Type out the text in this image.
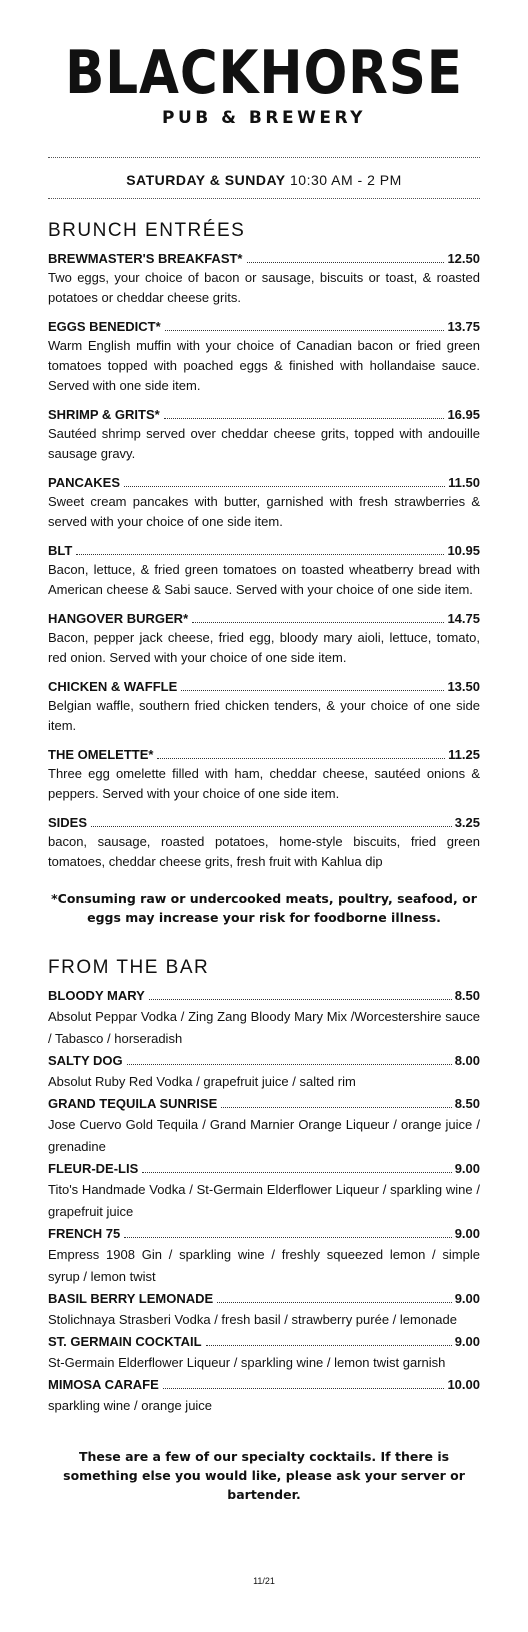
BLACKHORSE
PUB & BREWERY
SATURDAY & SUNDAY 10:30 AM - 2 PM
BRUNCH ENTRÉES
BREWMASTER'S BREAKFAST*	12.50
Two eggs, your choice of bacon or sausage, biscuits or toast, & roasted potatoes or cheddar cheese grits.
EGGS BENEDICT*	13.75
Warm English muffin with your choice of Canadian bacon or fried green tomatoes topped with poached eggs & finished with hollandaise sauce. Served with one side item.
SHRIMP & GRITS*	16.95
Sautéed shrimp served over cheddar cheese grits, topped with andouille sausage gravy.
PANCAKES	11.50
Sweet cream pancakes with butter, garnished with fresh strawberries & served with your choice of one side item.
BLT	10.95
Bacon, lettuce, & fried green tomatoes on toasted wheatberry bread with American cheese & Sabi sauce. Served with your choice of one side item.
HANGOVER BURGER*	14.75
Bacon, pepper jack cheese, fried egg, bloody mary aioli, lettuce, tomato, red onion. Served with your choice of one side item.
CHICKEN & WAFFLE	13.50
Belgian waffle, southern fried chicken tenders, & your choice of one side item.
THE OMELETTE*	11.25
Three egg omelette filled with ham, cheddar cheese, sautéed onions & peppers. Served with your choice of one side item.
SIDES	3.25
bacon, sausage, roasted potatoes, home-style biscuits, fried green tomatoes, cheddar cheese grits, fresh fruit with Kahlua dip
*Consuming raw or undercooked meats, poultry, seafood, or eggs may increase your risk for foodborne illness.
FROM THE BAR
BLOODY MARY	8.50
Absolut Peppar Vodka / Zing Zang Bloody Mary Mix /Worcestershire sauce / Tabasco / horseradish
SALTY DOG	8.00
Absolut Ruby Red Vodka / grapefruit juice / salted rim
GRAND TEQUILA SUNRISE	8.50
Jose Cuervo Gold Tequila / Grand Marnier Orange Liqueur / orange juice / grenadine
FLEUR-DE-LIS	9.00
Tito's Handmade Vodka / St-Germain Elderflower Liqueur / sparkling wine / grapefruit juice
FRENCH 75	9.00
Empress 1908 Gin / sparkling wine / freshly squeezed lemon / simple syrup / lemon twist
BASIL BERRY LEMONADE	9.00
Stolichnaya Strasberi Vodka / fresh basil / strawberry purée / lemonade
ST. GERMAIN COCKTAIL	9.00
St-Germain Elderflower Liqueur / sparkling wine / lemon twist garnish
MIMOSA CARAFE	10.00
sparkling wine / orange juice
These are a few of our specialty cocktails. If there is something else you would like, please ask your server or bartender.
11/21
